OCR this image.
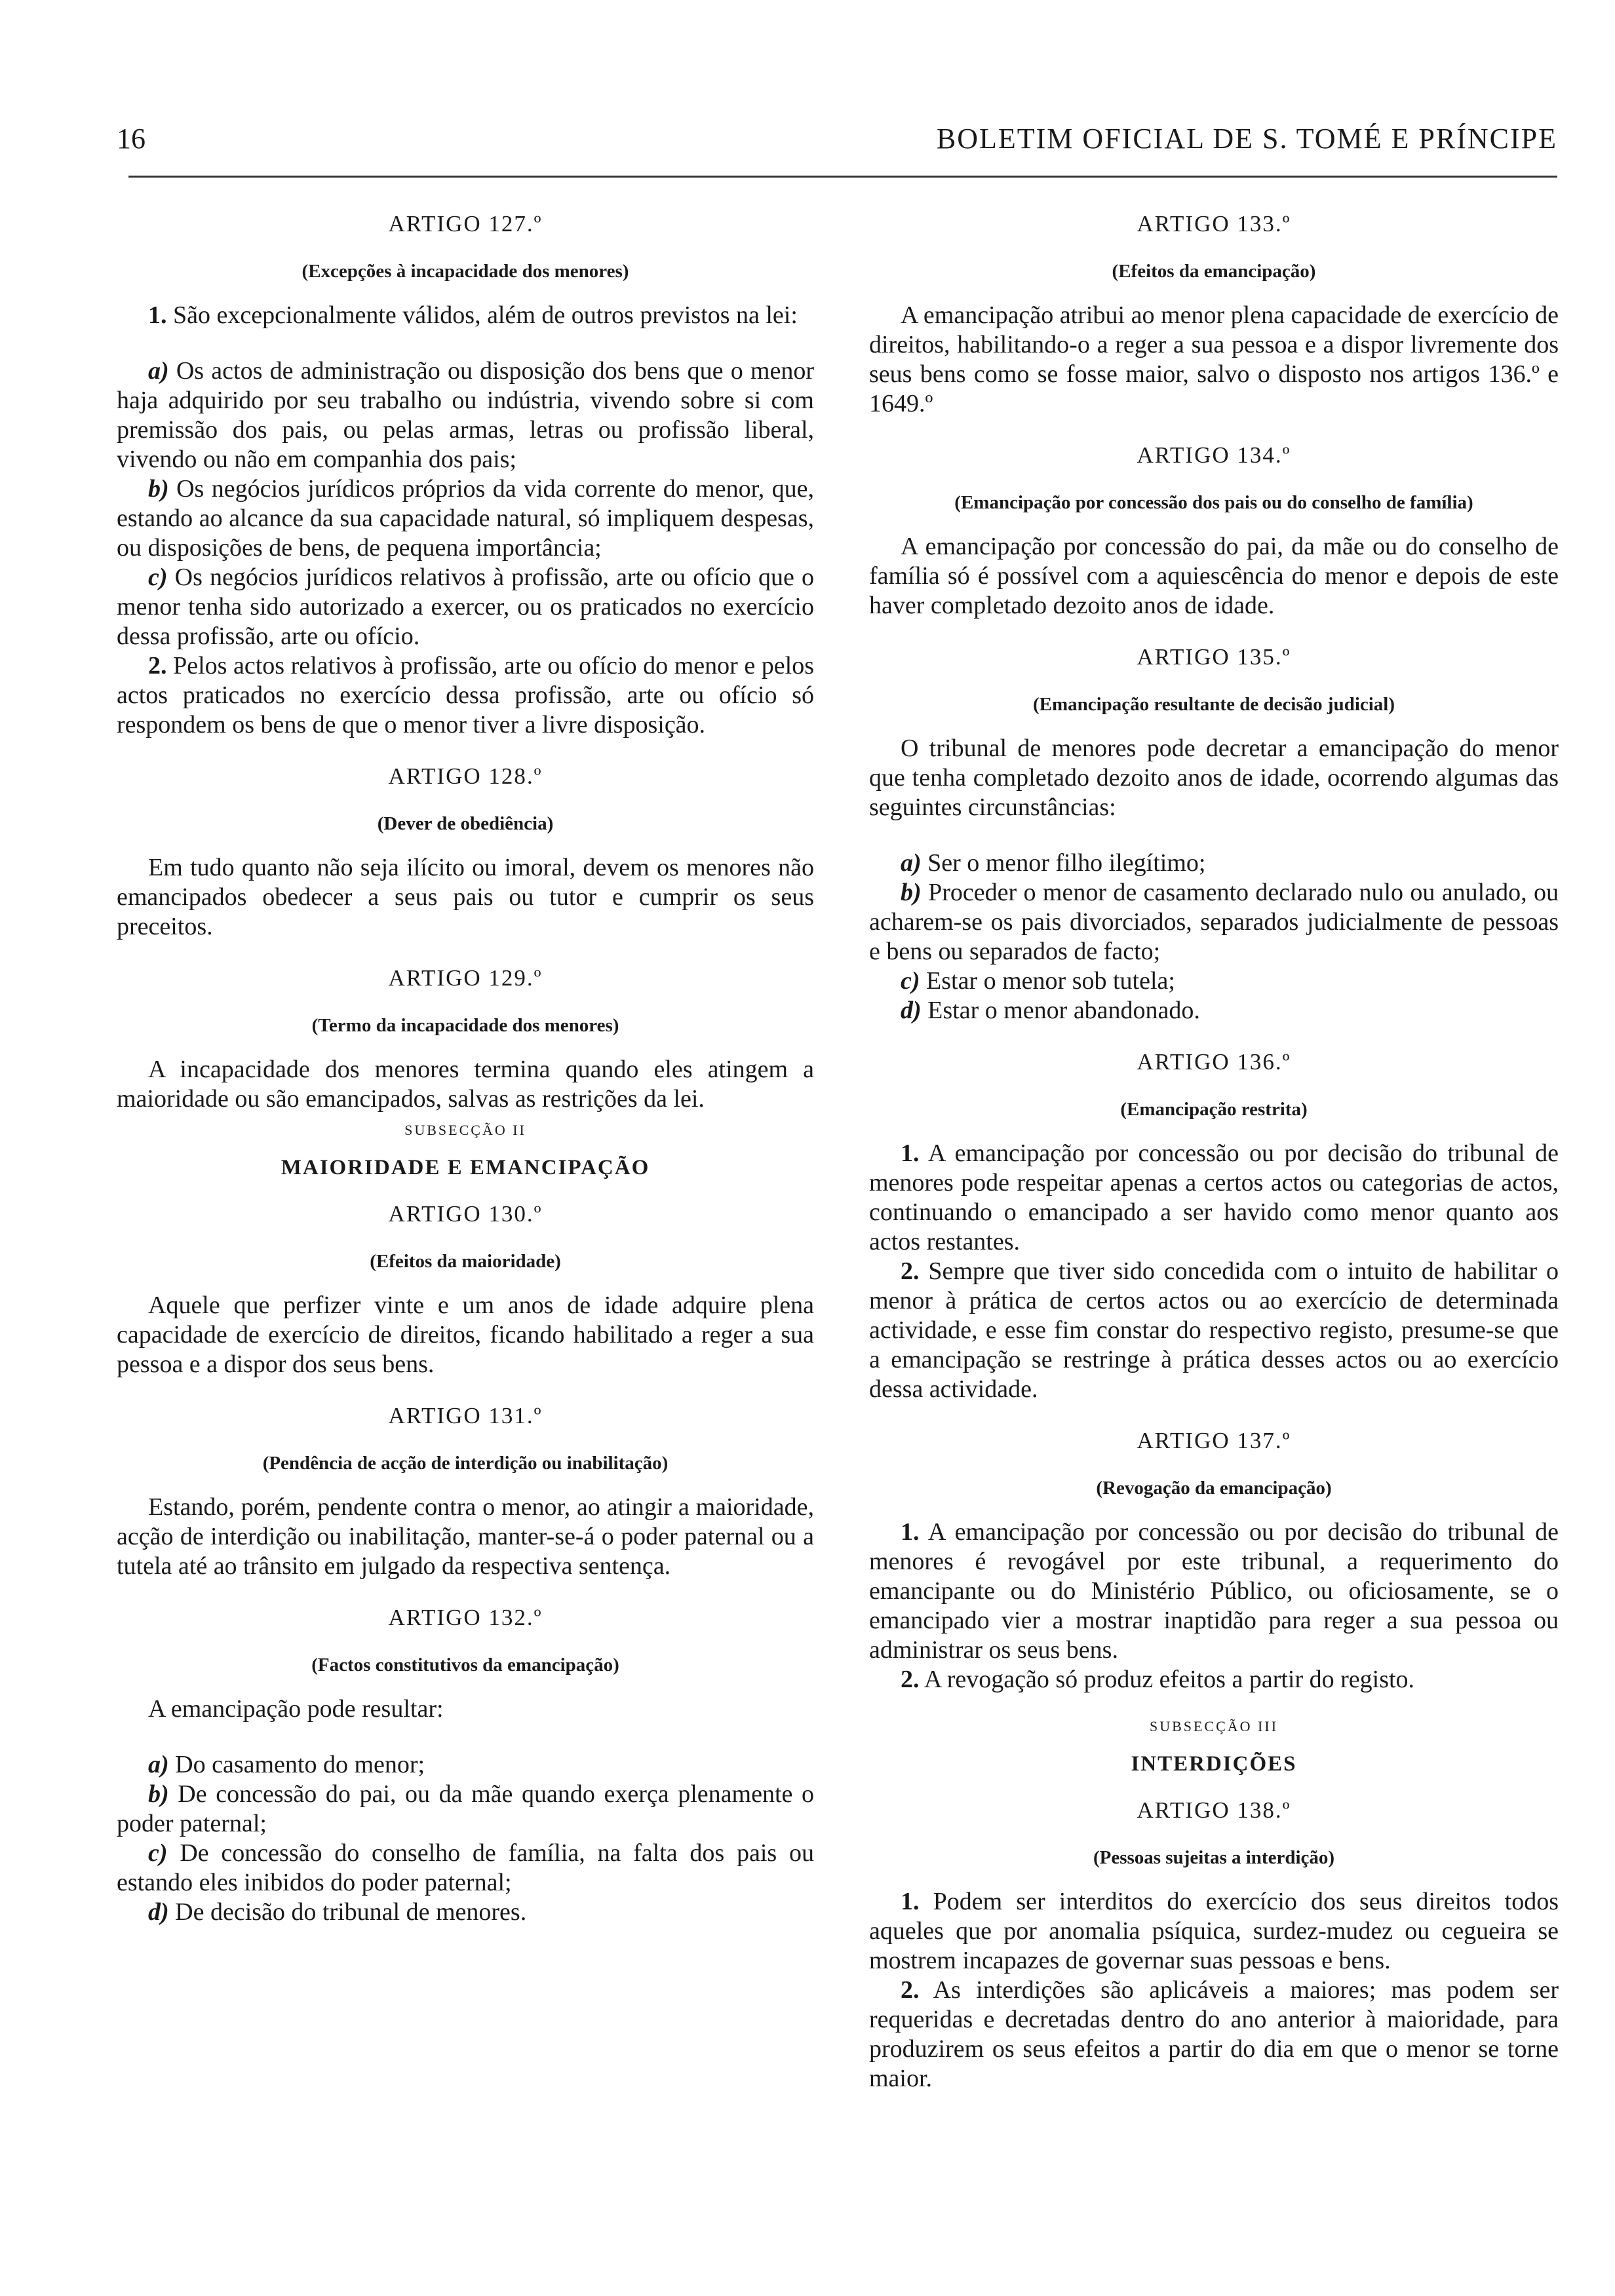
16	BOLETIM OFICIAL DE S. TOMÉ E PRÍNCIPE
ARTIGO 127.º
(Excepções à incapacidade dos menores)

1. São excepcionalmente válidos, além de outros previstos na lei:

a) Os actos de administração ou disposição dos bens que o menor haja adquirido por seu trabalho ou indústria, vivendo sobre si com premissão dos pais, ou pelas armas, letras ou profissão liberal, vivendo ou não em companhia dos pais;

b) Os negócios jurídicos próprios da vida corrente do menor, que, estando ao alcance da sua capacidade natural, só impliquem despesas, ou disposições de bens, de pequena importância;

c) Os negócios jurídicos relativos à profissão, arte ou ofício que o menor tenha sido autorizado a exercer, ou os praticados no exercício dessa profissão, arte ou ofício.

2. Pelos actos relativos à profissão, arte ou ofício do menor e pelos actos praticados no exercício dessa profissão, arte ou ofício só respondem os bens de que o menor tiver a livre disposição.

ARTIGO 128.º
(Dever de obediência)

Em tudo quanto não seja ilícito ou imoral, devem os menores não emancipados obedecer a seus pais ou tutor e cumprir os seus preceitos.

ARTIGO 129.º
(Termo da incapacidade dos menores)

A incapacidade dos menores termina quando eles atingem a maioridade ou são emancipados, salvas as restrições da lei.

SUBSECÇÃO II
MAIORIDADE E EMANCIPAÇÃO
ARTIGO 130.º
(Efeitos da maioridade)

Aquele que perfizer vinte e um anos de idade adquire plena capacidade de exercício de direitos, ficando habilitado a reger a sua pessoa e a dispor dos seus bens.

ARTIGO 131.º
(Pendência de acção de interdição ou inabilitação)

Estando, porém, pendente contra o menor, ao atingir a maioridade, acção de interdição ou inabilitação, manter-se-á o poder paternal ou a tutela até ao trânsito em julgado da respectiva sentença.

ARTIGO 132.º
(Factos constitutivos da emancipação)

A emancipação pode resultar:

a) Do casamento do menor;

b) De concessão do pai, ou da mãe quando exerça plenamente o poder paternal;

c) De concessão do conselho de família, na falta dos pais ou estando eles inibidos do poder paternal;

d) De decisão do tribunal de menores.

ARTIGO 133.º
(Efeitos da emancipação)

A emancipação atribui ao menor plena capacidade de exercício de direitos, habilitando-o a reger a sua pessoa e a dispor livremente dos seus bens como se fosse maior, salvo o disposto nos artigos 136.º e 1649.º

ARTIGO 134.º
(Emancipação por concessão dos pais ou do conselho de família)

A emancipação por concessão do pai, da mãe ou do conselho de família só é possível com a aquiescência do menor e depois de este haver completado dezoito anos de idade.

ARTIGO 135.º
(Emancipação resultante de decisão judicial)

O tribunal de menores pode decretar a emancipação do menor que tenha completado dezoito anos de idade, ocorrendo algumas das seguintes circunstâncias:

a) Ser o menor filho ilegítimo;

b) Proceder o menor de casamento declarado nulo ou anulado, ou acharem-se os pais divorciados, separados judicialmente de pessoas e bens ou separados de facto;

c) Estar o menor sob tutela;

d) Estar o menor abandonado.

ARTIGO 136.º
(Emancipação restrita)

1. A emancipação por concessão ou por decisão do tribunal de menores pode respeitar apenas a certos actos ou categorias de actos, continuando o emancipado a ser havido como menor quanto aos actos restantes.

2. Sempre que tiver sido concedida com o intuito de habilitar o menor à prática de certos actos ou ao exercício de determinada actividade, e esse fim constar do respectivo registo, presume-se que a emancipação se restringe à prática desses actos ou ao exercício dessa actividade.

ARTIGO 137.º
(Revogação da emancipação)

1. A emancipação por concessão ou por decisão do tribunal de menores é revogável por este tribunal, a requerimento do emancipante ou do Ministério Público, ou oficiosamente, se o emancipado vier a mostrar inaptidão para reger a sua pessoa ou administrar os seus bens.

2. A revogação só produz efeitos a partir do registo.

SUBSECÇÃO III
INTERDIÇÕES
ARTIGO 138.º
(Pessoas sujeitas a interdição)

1. Podem ser interditos do exercício dos seus direitos todos aqueles que por anomalia psíquica, surdez-mudez ou cegueira se mostrem incapazes de governar suas pessoas e bens.

2. As interdições são aplicáveis a maiores; mas podem ser requeridas e decretadas dentro do ano anterior à maioridade, para produzirem os seus efeitos a partir do dia em que o menor se torne maior.
